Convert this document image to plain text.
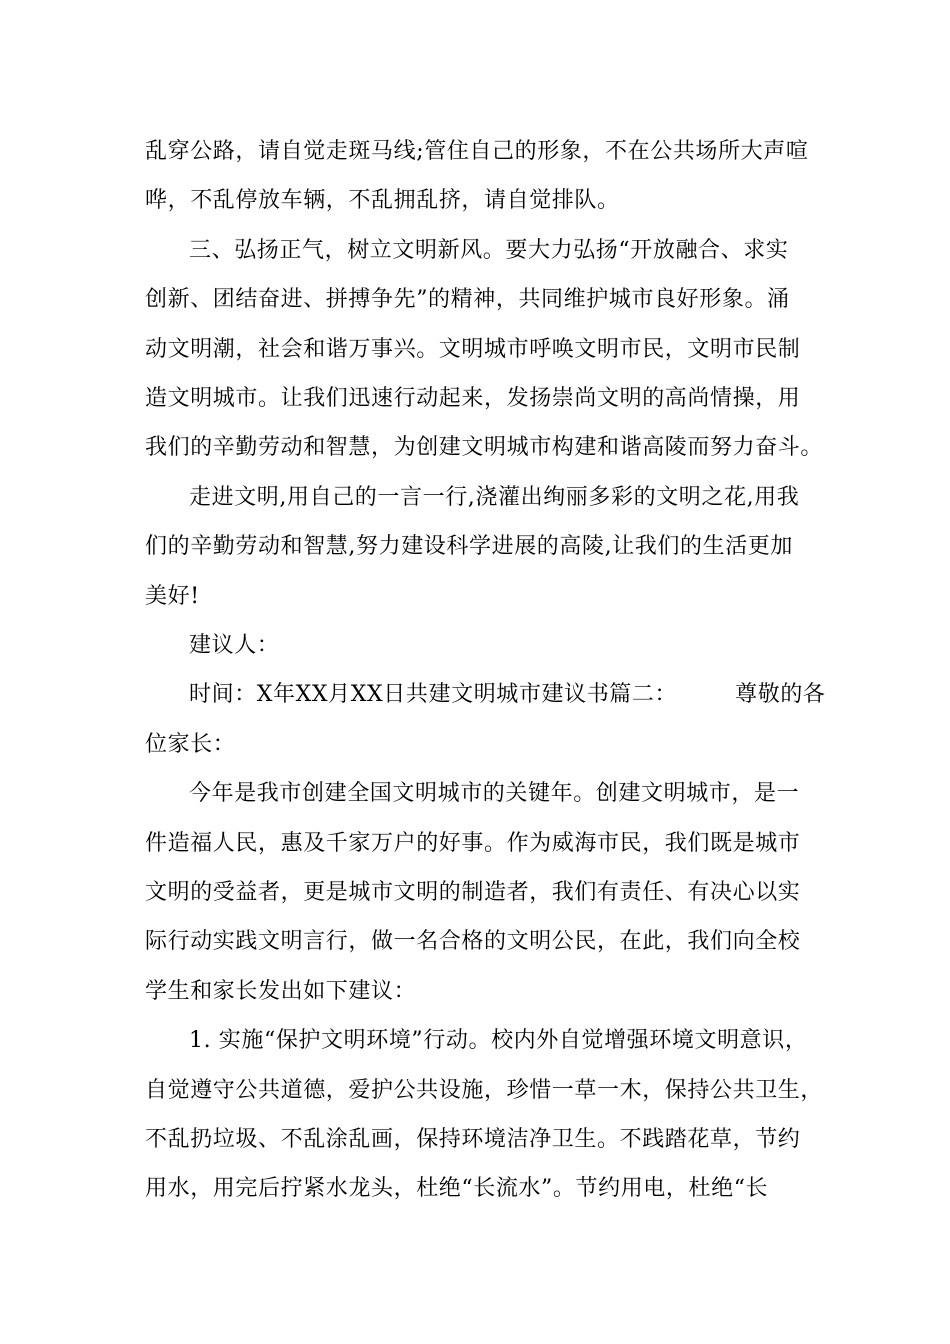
乱穿公路，请自觉走斑马线;管住自己的形象，不在公共场所大声喧
哗，不乱停放车辆，不乱拥乱挤，请自觉排队。
三、弘扬正气，树立文明新风。要大力弘扬“开放融合、求实
创新、团结奋进、拼搏争先”的精神，共同维护城市良好形象。涌
动文明潮，社会和谐万事兴。文明城市呼唤文明市民，文明市民制
造文明城市。让我们迅速行动起来，发扬崇尚文明的高尚情操，用
我们的辛勤劳动和智慧，为创建文明城市构建和谐高陵而努力奋斗。
走进文明,用自己的一言一行,浇灌出绚丽多彩的文明之花,用我
们的辛勤劳动和智慧,努力建设科学进展的高陵,让我们的生活更加
美好!
建议人：
时间：X年XX月XX日共建文明城市建议书篇二：	尊敬的各
位家长：
今年是我市创建全国文明城市的关键年。创建文明城市，是一
件造福人民，惠及千家万户的好事。作为威海市民，我们既是城市
文明的受益者，更是城市文明的制造者，我们有责任、有决心以实
际行动实践文明言行，做一名合格的文明公民，在此，我们向全校
学生和家长发出如下建议：
1. 实施“保护文明环境”行动。校内外自觉增强环境文明意识，
自觉遵守公共道德，爱护公共设施，珍惜一草一木，保持公共卫生，
不乱扔垃圾、不乱涂乱画，保持环境洁净卫生。不践踏花草，节约
用水，用完后拧紧水龙头，杜绝“长流水”。节约用电，杜绝“长
